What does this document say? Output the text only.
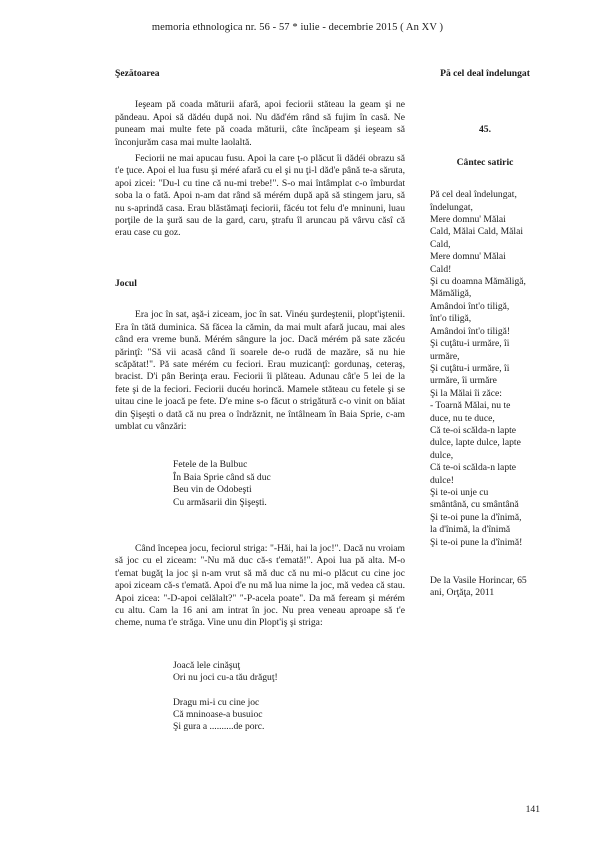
memoria ethnologica nr. 56 - 57 * iulie - decembrie 2015 ( An XV )

Şezătoarea

Ieşeam pă coada măturii afară, apoi feciorii stăteau la geam şi ne păndeau. Apoi să dădéu după noi. Nu dăd'ém rând să fujim în casă. Ne puneam mai multe fete pă coada măturii, câte încăpeam şi ieşeam să înconjurăm casa mai multe laolaltă.

Feciorii ne mai apucau fusu. Apoi la care ţ-o plăcut îi dădéi obrazu să t'e ţuce. Apoi el lua fusu şi méré afară cu el şi nu ţi-l dăd'e până te-a săruta, apoi zicei: "Du-l cu tine că nu-mi trebe!". S-o mai întâmplat c-o îmburdat soba la o fată. Apoi n-am dat rând să mérém după apă să stingem jaru, să nu s-aprindă casa. Erau blăstămaţi feciorii, făcéu tot felu d'e mninuni, luau porţile de la şură sau de la gard, caru, ştrafu îl aruncau pă vârvu căsî că erau case cu goz.

Jocul

Era joc în sat, aşă-i ziceam, joc în sat. Vinéu şurdeştenii, plopt'iştenii. Era în tătă duminica. Să făcea la cămin, da mai mult afară jucau, mai ales când era vreme bună. Mérém sângure la joc. Dacă mérém pă sate zăcéu părinţî: "Să vii acasă când îi soarele de-o rudă de mazăre, să nu hie scăpătat!". Pă sate mérém cu feciori. Erau muzicanţî: gordunaş, ceteraş, bracist. D'i pân Berinţa erau. Feciorii îi plăteau. Adunau cât'e 5 lei de la fete şi de la feciori. Feciorii ducéu horincă. Mamele stăteau cu fetele şi se uitau cine le joacă pe fete. D'e mine s-o făcut o strigătură c-o vinit on băiat din Şişeşti o dată că nu prea o îndrăznit, ne întâlneam în Baia Sprie, c-am umblat cu vânzări:

Fetele de la Bulbuc
În Baia Sprie când să duc
Beu vin de Odobeşti
Cu armăsarii din Şişeşti.

Când începea jocu, feciorul striga: "-Hăi, hai la joc!". Dacă nu vroiam să joc cu el ziceam: "-Nu mă duc că-s t'emată!". Apoi lua pă alta. M-o t'emat bugăţ la joc şi n-am vrut să mă duc că nu mi-o plăcut cu cine joc apoi ziceam că-s t'emată. Apoi d'e nu mă lua nime la joc, mă vedea că stau. Apoi zicea: "-D-apoi celălalt?" "-P-acela poate". Da mă feream şi mérém cu altu. Cam la 16 ani am intrat în joc. Nu prea veneau aproape să t'e cheme, numa t'e străga. Vine unu din Plopt'iş şi striga:

Joacă lele cinăşuţ
Ori nu joci cu-a tău drăguţ!
Dragu mi-i cu cine joc
Că mninoase-a busuioc
Şi gura a ..........de porc.

Pă cel deal îndelungat

45.
Cântec satiric
Pă cel deal îndelungat,
îndelungat,
Mere domnu' Mălai
Cald, Mălai Cald, Mălai
Cald,
Mere domnu' Mălai
Cald!
Şi cu doamna Mămăligă,
Mămăligă,
Amândoi înt'o tiligă,
înt'o tiligă,
Amândoi înt'o tiligă!
Şi cuţâtu-i urmăre, îi
urmăre,
Şi cuţâtu-i urmăre, îi
urmăre, îi urmăre
Şi la Mălai îi zăce:
- Toarnă Mălai, nu te
duce, nu te duce,
Că te-oi scălda-n lapte
dulce, lapte dulce, lapte
dulce,
Că te-oi scălda-n lapte
dulce!
Şi te-oi unje cu
smântână, cu smântână
Şi te-oi pune la d'înimă,
la d'înimă, la d'înimă
Şi te-oi pune la d'înimă!
De la Vasile Horincar, 65
ani, Orţăţa, 2011
141
